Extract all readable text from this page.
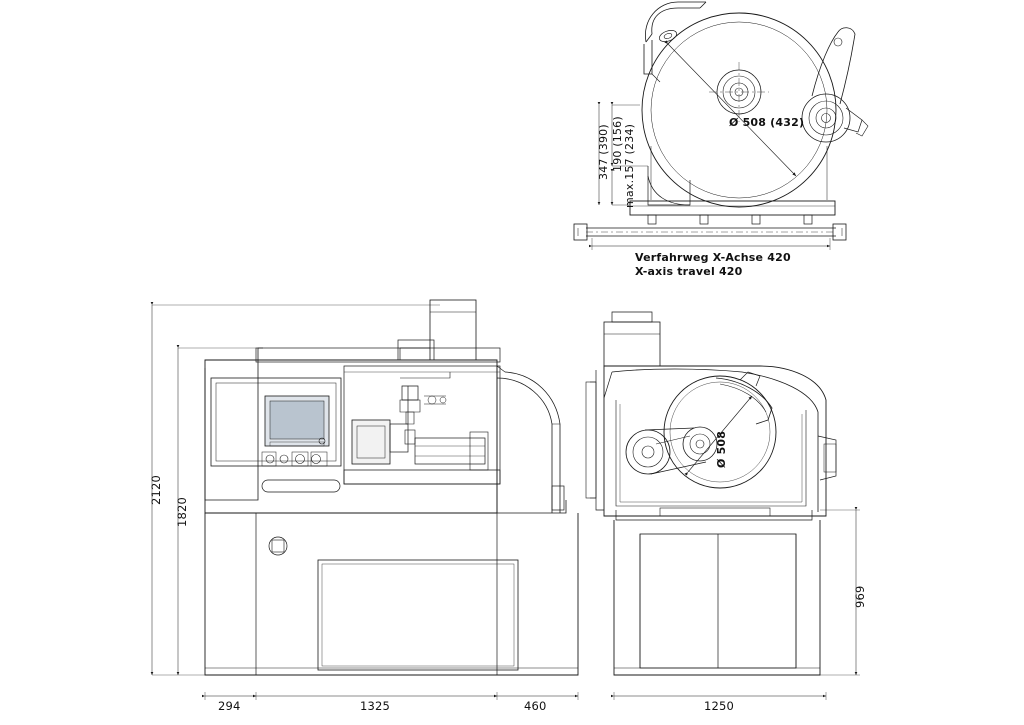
Ø 508 (432)
347 (390) 190 (156) max.157 (234)
Verfahrweg X-Achse 420
X-axis travel 420
2120
1820
294	1325	460
Ø 508
969
1250
